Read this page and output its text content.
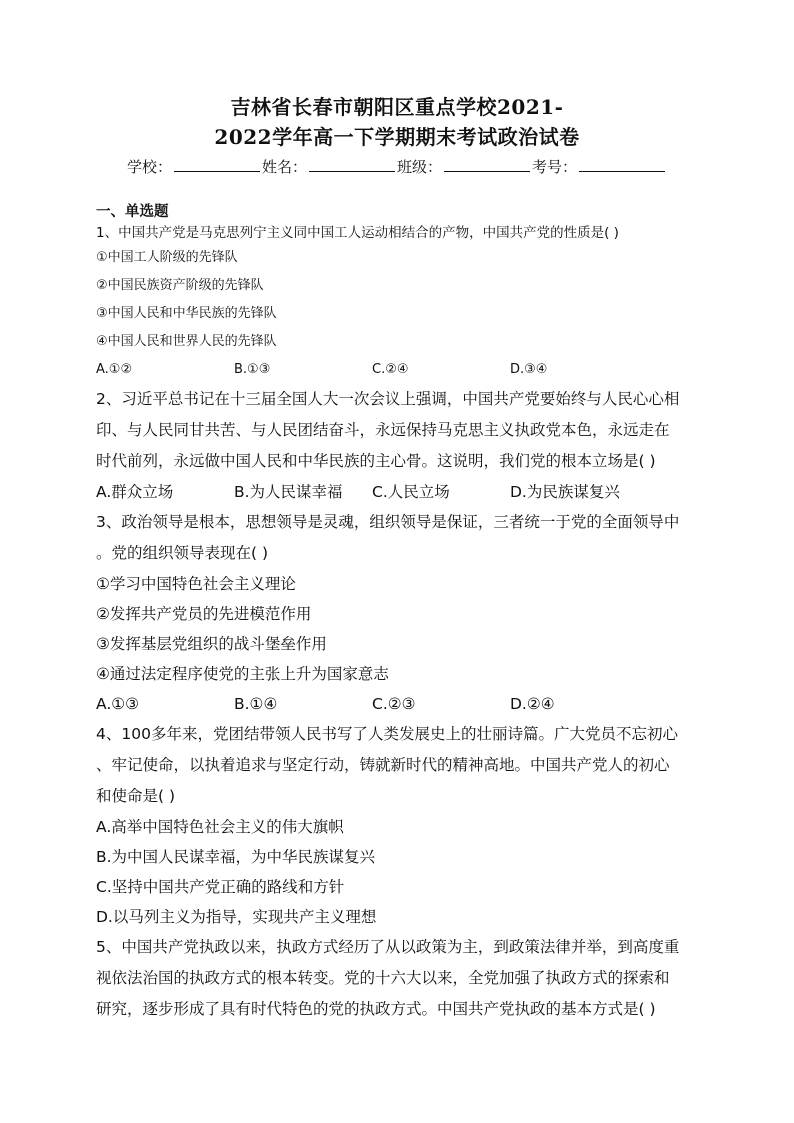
吉林省长春市朝阳区重点学校2021-

2022学年高一下学期期末考试政治试卷

学校：	姓名：	班级：	考号：

一、单选题

1、中国共产党是马克思列宁主义同中国工人运动相结合的产物，中国共产党的性质是( )

①中国工人阶级的先锋队

②中国民族资产阶级的先锋队

③中国人民和中华民族的先锋队

④中国人民和世界人民的先锋队

A.①②	B.①③	C.②④	D.③④

2、习近平总书记在十三届全国人大一次会议上强调，中国共产党要始终与人民心心相

印、与人民同甘共苦、与人民团结奋斗，永远保持马克思主义执政党本色，永远走在

时代前列，永远做中国人民和中华民族的主心骨。这说明，我们党的根本立场是( )

A.群众立场	B.为人民谋幸福	C.人民立场	D.为民族谋复兴

3、政治领导是根本，思想领导是灵魂，组织领导是保证，三者统一于党的全面领导中

。党的组织领导表现在( )

①学习中国特色社会主义理论

②发挥共产党员的先进模范作用

③发挥基层党组织的战斗堡垒作用

④通过法定程序使党的主张上升为国家意志

A.①③	B.①④	C.②③	D.②④

4、100多年来，党团结带领人民书写了人类发展史上的壮丽诗篇。广大党员不忘初心

、牢记使命，以执着追求与坚定行动，铸就新时代的精神高地。中国共产党人的初心

和使命是( )

A.高举中国特色社会主义的伟大旗帜

B.为中国人民谋幸福，为中华民族谋复兴

C.坚持中国共产党正确的路线和方针

D.以马列主义为指导，实现共产主义理想

5、中国共产党执政以来，执政方式经历了从以政策为主，到政策法律并举，到高度重

视依法治国的执政方式的根本转变。党的十六大以来，全党加强了执政方式的探索和

研究，逐步形成了具有时代特色的党的执政方式。中国共产党执政的基本方式是( )
